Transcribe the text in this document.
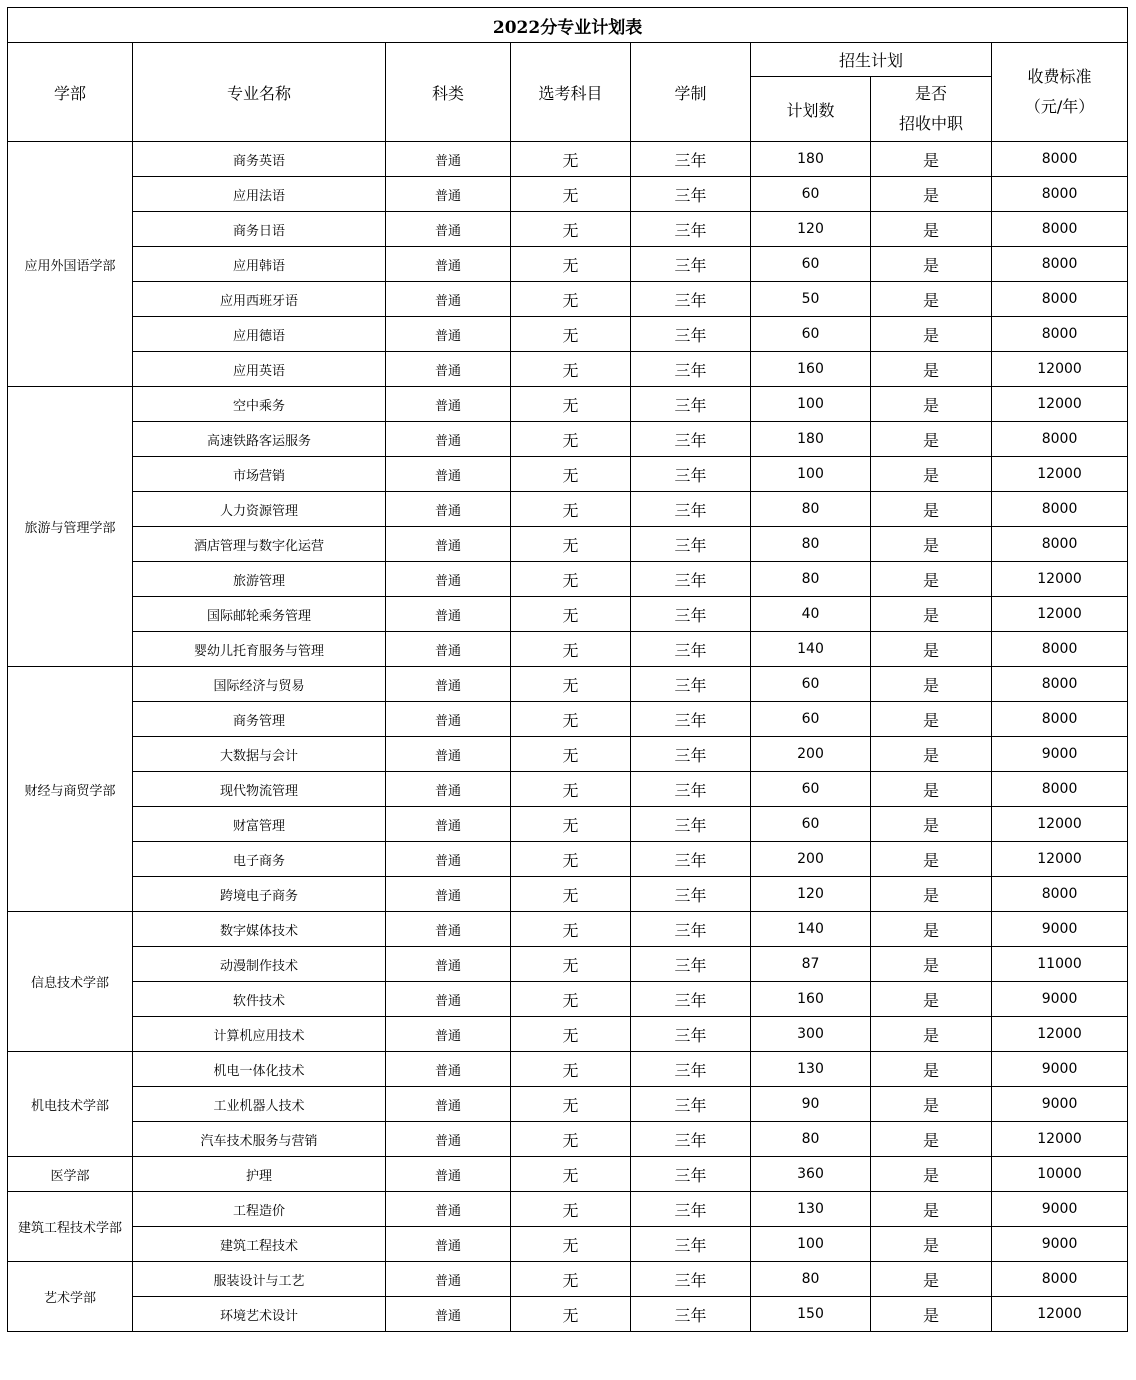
2022分专业计划表							
学部	专业名称	科类	选考科目	学制	招生计划		收费标准
（元/年）
					计划数	是否
招收中职	
应用外国语学部	商务英语	普通	无	三年	180	是	8000
	应用法语	普通	无	三年	60	是	8000
	商务日语	普通	无	三年	120	是	8000
	应用韩语	普通	无	三年	60	是	8000
	应用西班牙语	普通	无	三年	50	是	8000
	应用德语	普通	无	三年	60	是	8000
	应用英语	普通	无	三年	160	是	12000
旅游与管理学部	空中乘务	普通	无	三年	100	是	12000
	高速铁路客运服务	普通	无	三年	180	是	8000
	市场营销	普通	无	三年	100	是	12000
	人力资源管理	普通	无	三年	80	是	8000
	酒店管理与数字化运营	普通	无	三年	80	是	8000
	旅游管理	普通	无	三年	80	是	12000
	国际邮轮乘务管理	普通	无	三年	40	是	12000
	婴幼儿托育服务与管理	普通	无	三年	140	是	8000
财经与商贸学部	国际经济与贸易	普通	无	三年	60	是	8000
	商务管理	普通	无	三年	60	是	8000
	大数据与会计	普通	无	三年	200	是	9000
	现代物流管理	普通	无	三年	60	是	8000
	财富管理	普通	无	三年	60	是	12000
	电子商务	普通	无	三年	200	是	12000
	跨境电子商务	普通	无	三年	120	是	8000
信息技术学部	数字媒体技术	普通	无	三年	140	是	9000
	动漫制作技术	普通	无	三年	87	是	11000
	软件技术	普通	无	三年	160	是	9000
	计算机应用技术	普通	无	三年	300	是	12000
机电技术学部	机电一体化技术	普通	无	三年	130	是	9000
	工业机器人技术	普通	无	三年	90	是	9000
	汽车技术服务与营销	普通	无	三年	80	是	12000
医学部	护理	普通	无	三年	360	是	10000
建筑工程技术学部	工程造价	普通	无	三年	130	是	9000
	建筑工程技术	普通	无	三年	100	是	9000
艺术学部	服装设计与工艺	普通	无	三年	80	是	8000
	环境艺术设计	普通	无	三年	150	是	12000
